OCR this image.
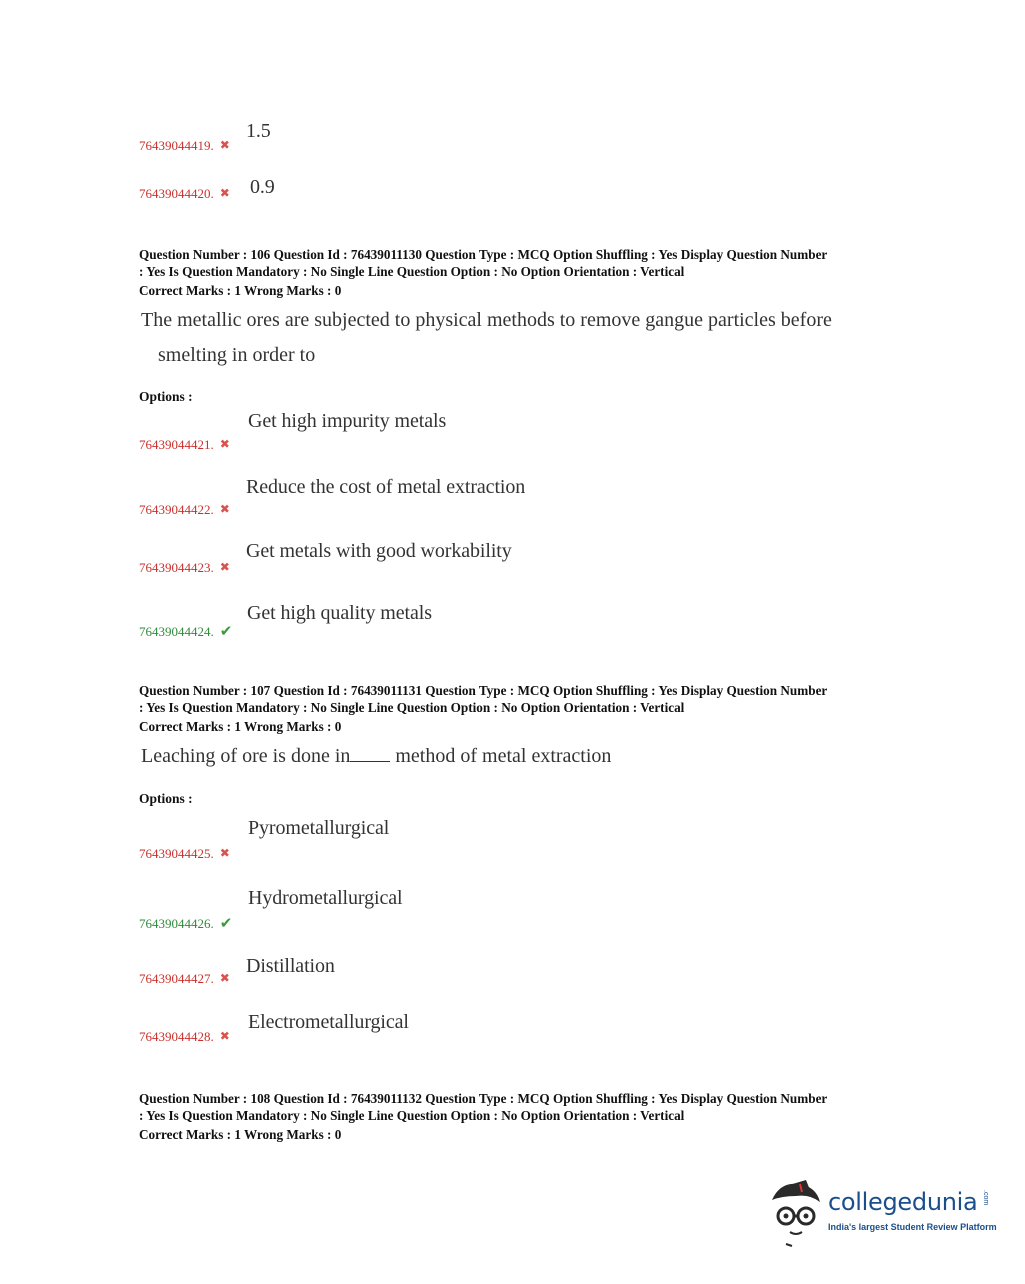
1.5
76439044419. ✖
0.9
76439044420. ✖
Question Number : 106 Question Id : 76439011130 Question Type : MCQ Option Shuffling : Yes Display Question Number
: Yes Is Question Mandatory : No Single Line Question Option : No Option Orientation : Vertical
Correct Marks : 1 Wrong Marks : 0
The metallic ores are subjected to physical methods to remove gangue particles before
smelting in order to
Options :
Get high impurity metals
76439044421. ✖
Reduce the cost of metal extraction
76439044422. ✖
Get metals with good workability
76439044423. ✖
Get high quality metals
76439044424. ✔
Question Number : 107 Question Id : 76439011131 Question Type : MCQ Option Shuffling : Yes Display Question Number
: Yes Is Question Mandatory : No Single Line Question Option : No Option Orientation : Vertical
Correct Marks : 1 Wrong Marks : 0
Leaching of ore is done in method of metal extraction
Options :
Pyrometallurgical
76439044425. ✖
Hydrometallurgical
76439044426. ✔
Distillation
76439044427. ✖
Electrometallurgical
76439044428. ✖
Question Number : 108 Question Id : 76439011132 Question Type : MCQ Option Shuffling : Yes Display Question Number
: Yes Is Question Mandatory : No Single Line Question Option : No Option Orientation : Vertical
Correct Marks : 1 Wrong Marks : 0
collegedunia .com
India's largest Student Review Platform
